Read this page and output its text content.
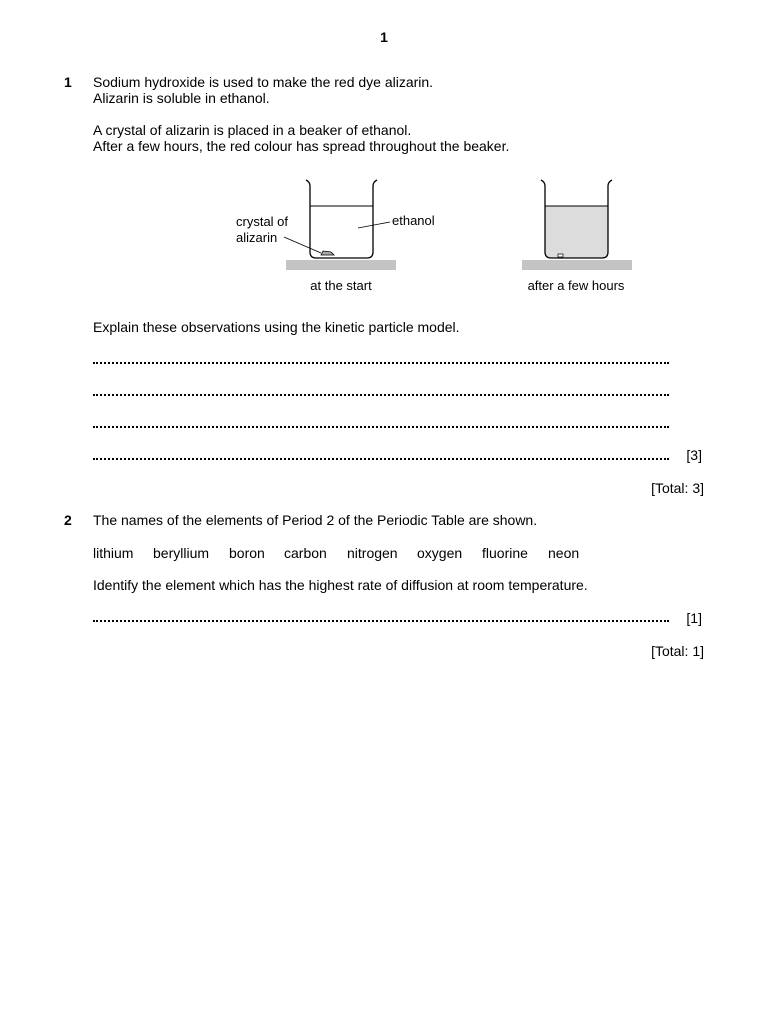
1
1 Sodium hydroxide is used to make the red dye alizarin.
Alizarin is soluble in ethanol.
A crystal of alizarin is placed in a beaker of ethanol.
After a few hours, the red colour has spread throughout the beaker.
crystal of
alizarin
ethanol
at the start	after a few hours
Explain these observations using the kinetic particle model.
[3]
[Total: 3]
2 The names of the elements of Period 2 of the Periodic Table are shown.
lithium beryllium boron carbon nitrogen oxygen fluorine neon
Identify the element which has the highest rate of diffusion at room temperature.
[1]
[Total: 1]
